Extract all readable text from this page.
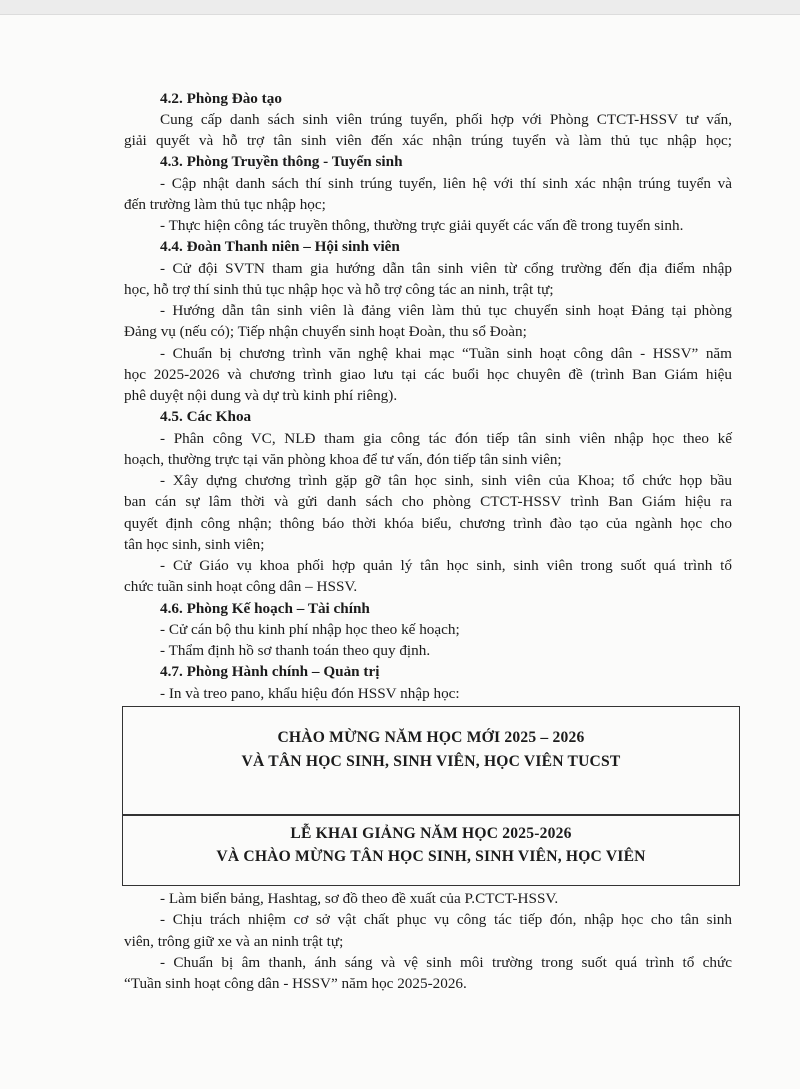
4.2. Phòng Đào tạo
Cung cấp danh sách sinh viên trúng tuyển, phối hợp với Phòng CTCT-HSSV tư vấn,
giải quyết và hỗ trợ tân sinh viên đến xác nhận trúng tuyển và làm thủ tục nhập học;
4.3. Phòng Truyền thông - Tuyển sinh
- Cập nhật danh sách thí sinh trúng tuyển, liên hệ với thí sinh xác nhận trúng tuyển và
đến trường làm thủ tục nhập học;
- Thực hiện công tác truyền thông, thường trực giải quyết các vấn đề trong tuyển sinh.
4.4. Đoàn Thanh niên – Hội sinh viên
- Cử đội SVTN tham gia hướng dẫn tân sinh viên từ cổng trường đến địa điểm nhập
học, hỗ trợ thí sinh thủ tục nhập học và hỗ trợ công tác an ninh, trật tự;
- Hướng dẫn tân sinh viên là đảng viên làm thủ tục chuyển sinh hoạt Đảng tại phòng
Đảng vụ (nếu có); Tiếp nhận chuyển sinh hoạt Đoàn, thu sổ Đoàn;
- Chuẩn bị chương trình văn nghệ khai mạc “Tuần sinh hoạt công dân - HSSV” năm
học 2025-2026 và chương trình giao lưu tại các buổi học chuyên đề (trình Ban Giám hiệu
phê duyệt nội dung và dự trù kinh phí riêng).
4.5. Các Khoa
- Phân công VC, NLĐ tham gia công tác đón tiếp tân sinh viên nhập học theo kế
hoạch, thường trực tại văn phòng khoa để tư vấn, đón tiếp tân sinh viên;
- Xây dựng chương trình gặp gỡ tân học sinh, sinh viên của Khoa; tổ chức họp bầu
ban cán sự lâm thời và gửi danh sách cho phòng CTCT-HSSV trình Ban Giám hiệu ra
quyết định công nhận; thông báo thời khóa biểu, chương trình đào tạo của ngành học cho
tân học sinh, sinh viên;
- Cử Giáo vụ khoa phối hợp quản lý tân học sinh, sinh viên trong suốt quá trình tổ
chức tuần sinh hoạt công dân – HSSV.
4.6. Phòng Kế hoạch – Tài chính
- Cử cán bộ thu kinh phí nhập học theo kế hoạch;
- Thẩm định hồ sơ thanh toán theo quy định.
4.7. Phòng Hành chính – Quản trị
- In và treo pano, khẩu hiệu đón HSSV nhập học:
CHÀO MỪNG NĂM HỌC MỚI 2025 – 2026
VÀ TÂN HỌC SINH, SINH VIÊN, HỌC VIÊN TUCST
LỄ KHAI GIẢNG NĂM HỌC 2025-2026
VÀ CHÀO MỪNG TÂN HỌC SINH, SINH VIÊN, HỌC VIÊN
- Làm biển bảng, Hashtag, sơ đồ theo đề xuất của P.CTCT-HSSV.
- Chịu trách nhiệm cơ sở vật chất phục vụ công tác tiếp đón, nhập học cho tân sinh
viên, trông giữ xe và an ninh trật tự;
- Chuẩn bị âm thanh, ánh sáng và vệ sinh môi trường trong suốt quá trình tổ chức
“Tuần sinh hoạt công dân - HSSV” năm học 2025-2026.
